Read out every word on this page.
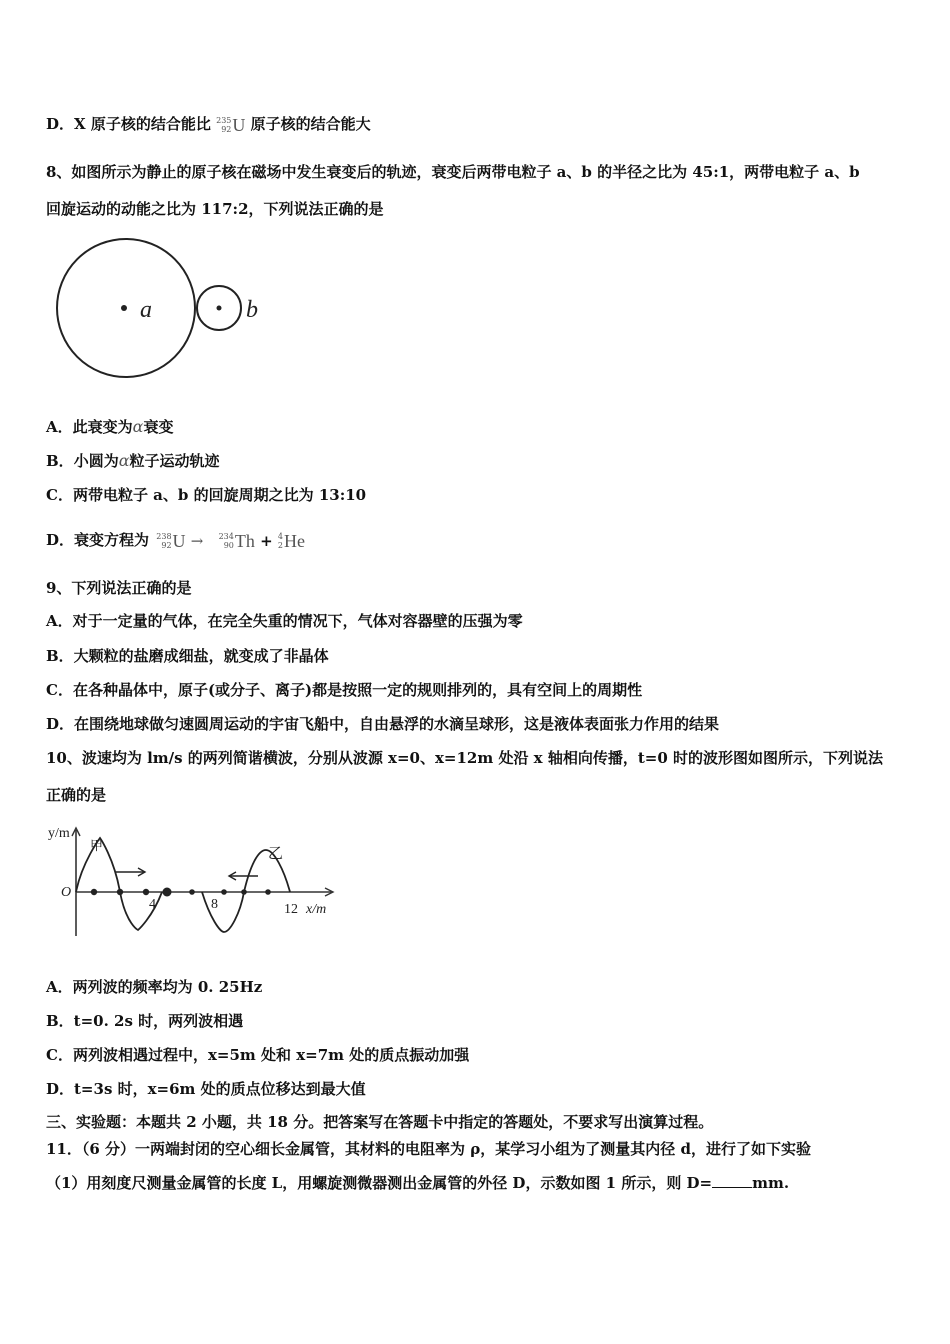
D．X 原子核的结合能比 235
92 U 原子核的结合能大
8、如图所示为静止的原子核在磁场中发生衰变后的轨迹，衰变后两带电粒子 a、b 的半径之比为 45:1，两带电粒子 a、b
回旋运动的动能之比为 117:2，下列说法正确的是
a	b
A．此衰变为α衰变
B．小圆为α粒子运动轨迹
C．两带电粒子 a、b 的回旋周期之比为 13:10
D．衰变方程为 238
92 U
→
234
90 Th
+
4
2 He
9、下列说法正确的是
A．对于一定量的气体，在完全失重的情况下，气体对容器壁的压强为零
B．大颗粒的盐磨成细盐，就变成了非晶体
C．在各种晶体中，原子(或分子、离子)都是按照一定的规则排列的，具有空间上的周期性
D．在围绕地球做匀速圆周运动的宇宙飞船中，自由悬浮的水滴呈球形，这是液体表面张力作用的结果
10、波速均为 lm/s 的两列简谐横波，分别从波源 x=0、x=12m 处沿 x 轴相向传播，t=0 时的波形图如图所示，下列说法
正确的是
y/m
x/m
O
甲	乙
4	8	12
A．两列波的频率均为 0. 25Hz
B．t=0. 2s 时，两列波相遇
C．两列波相遇过程中，x=5m 处和 x=7m 处的质点振动加强
D．t=3s 时，x=6m 处的质点位移达到最大值
三、实验题：本题共 2 小题，共 18 分。把答案写在答题卡中指定的答题处，不要求写出演算过程。
11．（6 分）一两端封闭的空心细长金属管，其材料的电阻率为 ρ，某学习小组为了测量其内径 d，进行了如下实验
（1）用刻度尺测量金属管的长度 L，用螺旋测微器测出金属管的外径 D，示数如图 1 所示，则 D=	mm.
